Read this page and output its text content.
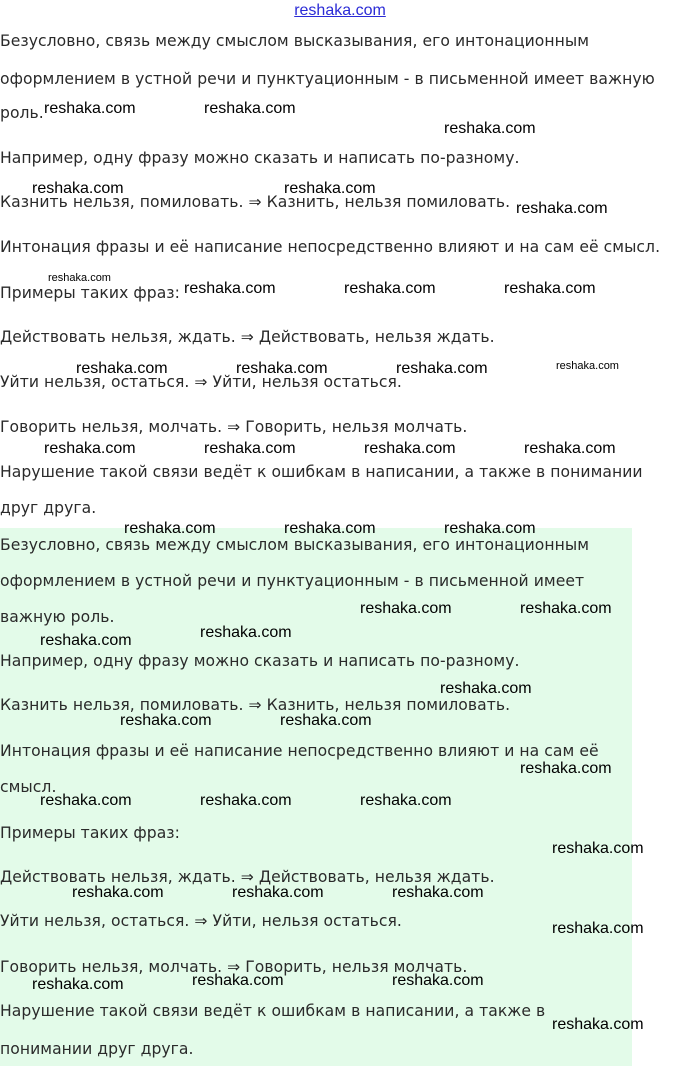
reshaka.com
Безусловно, связь между смыслом высказывания, его интонационным
оформлением в устной речи и пунктуационным - в письменной имеет важную
роль.
Например, одну фразу можно сказать и написать по-разному.
Казнить нельзя, помиловать. ⇒ Казнить, нельзя помиловать.
Интонация фразы и её написание непосредственно влияют и на сам её смысл.
Примеры таких фраз:
Действовать нельзя, ждать. ⇒ Действовать, нельзя ждать.
Уйти нельзя, остаться. ⇒ Уйти, нельзя остаться.
Говорить нельзя, молчать. ⇒ Говорить, нельзя молчать.
Нарушение такой связи ведёт к ошибкам в написании, а также в понимании
друг друга.
Безусловно, связь между смыслом высказывания, его интонационным
оформлением в устной речи и пунктуационным - в письменной имеет
важную роль.
Например, одну фразу можно сказать и написать по-разному.
Казнить нельзя, помиловать. ⇒ Казнить, нельзя помиловать.
Интонация фразы и её написание непосредственно влияют и на сам её
смысл.
Примеры таких фраз:
Действовать нельзя, ждать. ⇒ Действовать, нельзя ждать.
Уйти нельзя, остаться. ⇒ Уйти, нельзя остаться.
Говорить нельзя, молчать. ⇒ Говорить, нельзя молчать.
Нарушение такой связи ведёт к ошибкам в написании, а также в
понимании друг друга.
reshaka.com	reshaka.com
reshaka.com
reshaka.com	reshaka.com
reshaka.com
reshaka.com
reshaka.com	reshaka.com	reshaka.com
reshaka.com	reshaka.com	reshaka.com	reshaka.com
reshaka.com	reshaka.com	reshaka.com	reshaka.com
reshaka.com	reshaka.com	reshaka.com
reshaka.com	reshaka.com
reshaka.com
reshaka.com
reshaka.com
reshaka.com	reshaka.com
reshaka.com
reshaka.com	reshaka.com	reshaka.com
reshaka.com
reshaka.com	reshaka.com	reshaka.com
reshaka.com
reshaka.com	reshaka.com
reshaka.com
reshaka.com
